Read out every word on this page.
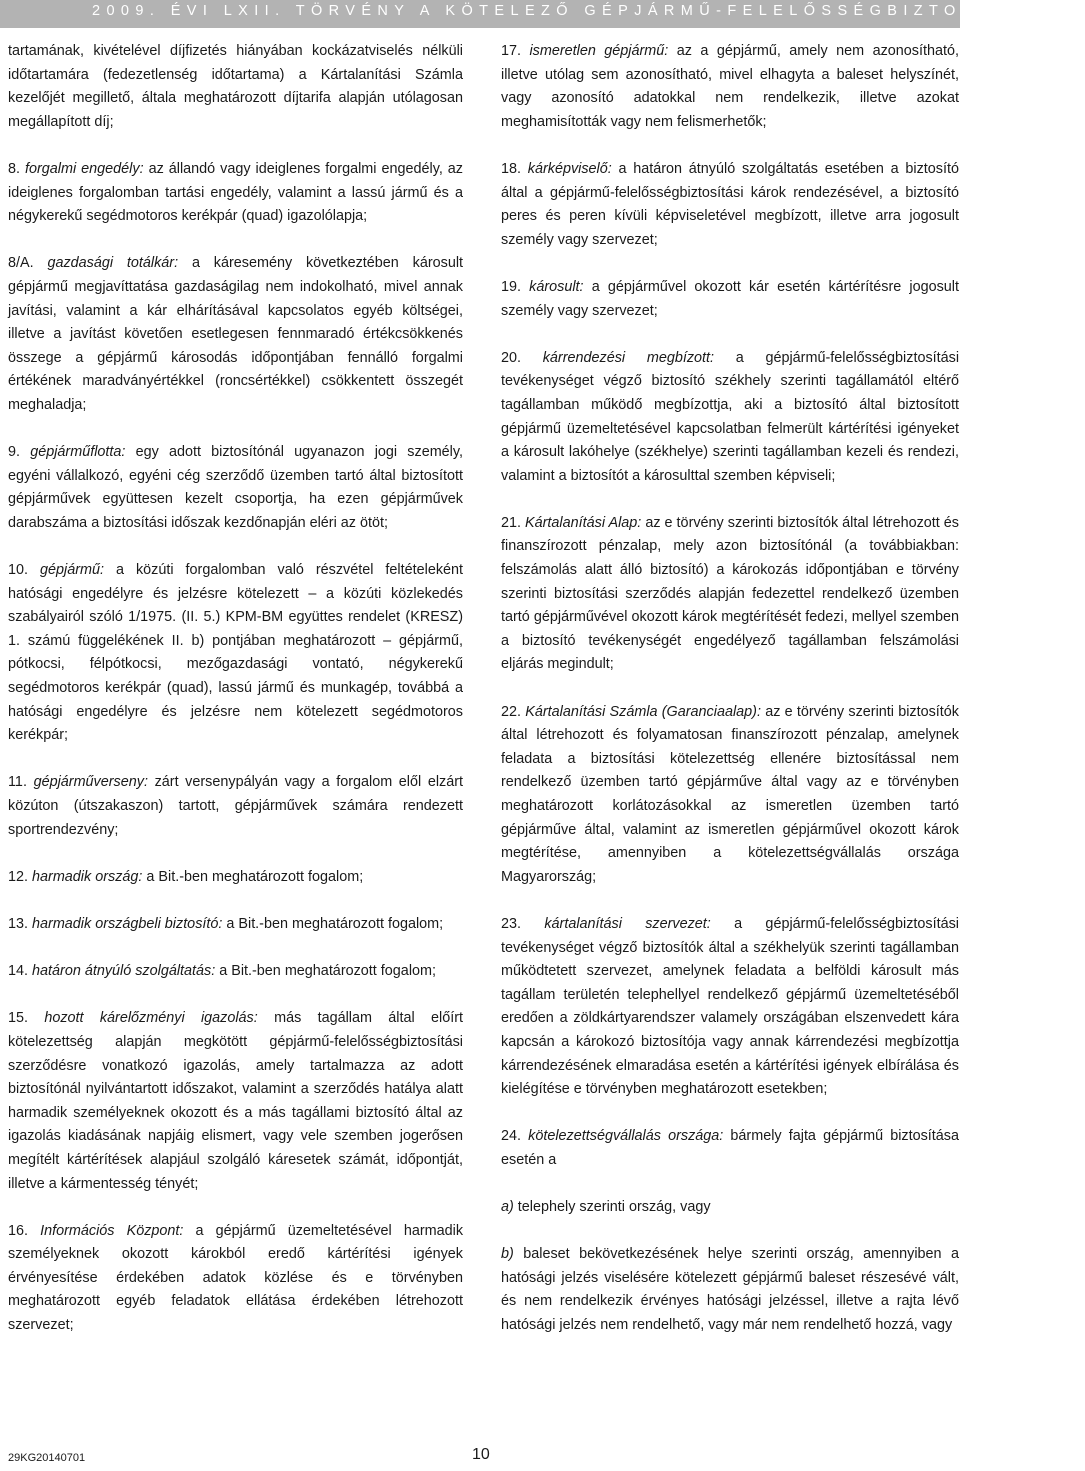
2009. ÉVI LXII. TÖRVÉNY A KÖTELEZŐ GÉPJÁRMŰ-FELELŐSSÉGBIZTOSÍTÁSRÓL

tartamának, kivételével díjfizetés hiányában kockázatviselés nélküli időtartamára (fedezetlenség időtartama) a Kártalanítási Számla kezelőjét megillető, általa meghatározott díjtarifa alapján utólagosan megállapított díj;

8. forgalmi engedély: az állandó vagy ideiglenes forgalmi engedély, az ideiglenes forgalomban tartási engedély, valamint a lassú jármű és a négykerekű segédmotoros kerékpár (quad) igazolólapja;

8/A. gazdasági totálkár: a káresemény következtében károsult gépjármű megjavíttatása gazdaságilag nem indokolható, mivel annak javítási, valamint a kár elhárításával kapcsolatos egyéb költségei, illetve a javítást követően esetlegesen fennmaradó értékcsökkenés összege a gépjármű károsodás időpontjában fennálló forgalmi értékének maradványértékkel (roncsértékkel) csökkentett összegét meghaladja;

9. gépjárműflotta: egy adott biztosítónál ugyanazon jogi személy, egyéni vállalkozó, egyéni cég szerződő üzemben tartó által biztosított gépjárművek együttesen kezelt csoportja, ha ezen gépjárművek darabszáma a biztosítási időszak kezdőnapján eléri az ötöt;

10. gépjármű: a közúti forgalomban való részvétel feltételeként hatósági engedélyre és jelzésre kötelezett – a közúti közlekedés szabályairól szóló 1/1975. (II. 5.) KPM-BM együttes rendelet (KRESZ) 1. számú függelékének II. b) pontjában meghatározott – gépjármű, pótkocsi, félpótkocsi, mezőgazdasági vontató, négykerekű segédmotoros kerékpár (quad), lassú jármű és munkagép, továbbá a hatósági engedélyre és jelzésre nem kötelezett segédmotoros kerékpár;

11. gépjárműverseny: zárt versenypályán vagy a forgalom elől elzárt közúton (útszakaszon) tartott, gépjárművek számára rendezett sportrendezvény;

12. harmadik ország: a Bit.-ben meghatározott fogalom;

13. harmadik országbeli biztosító: a Bit.-ben meghatározott fogalom;

14. határon átnyúló szolgáltatás: a Bit.-ben meghatározott fogalom;

15. hozott kárelőzményi igazolás: más tagállam által előírt kötelezettség alapján megkötött gépjármű-felelősségbiztosítási szerződésre vonatkozó igazolás, amely tartalmazza az adott biztosítónál nyilvántartott időszakot, valamint a szerződés hatálya alatt harmadik személyeknek okozott és a más tagállami biztosító által az igazolás kiadásának napjáig elismert, vagy vele szemben jogerősen megítélt kártérítések alapjául szolgáló káresetek számát, időpontját, illetve a kármentesség tényét;

16. Információs Központ: a gépjármű üzemeltetésével harmadik személyeknek okozott károkból eredő kártérítési igények érvényesítése érdekében adatok közlése és e törvényben meghatározott egyéb feladatok ellátása érdekében létrehozott szervezet;

17. ismeretlen gépjármű: az a gépjármű, amely nem azonosítható, illetve utólag sem azonosítható, mivel elhagyta a baleset helyszínét, vagy azonosító adatokkal nem rendelkezik, illetve azokat meghamisították vagy nem felismerhetők;

18. kárképviselő: a határon átnyúló szolgáltatás esetében a biztosító által a gépjármű-felelősségbiztosítási károk rendezésével, a biztosító peres és peren kívüli képviseletével megbízott, illetve arra jogosult személy vagy szervezet;

19. károsult: a gépjárművel okozott kár esetén kártérítésre jogosult személy vagy szervezet;

20. kárrendezési megbízott: a gépjármű-felelősségbiztosítási tevékenységet végző biztosító székhely szerinti tagállamától eltérő tagállamban működő megbízottja, aki a biztosító által biztosított gépjármű üzemeltetésével kapcsolatban felmerült kártérítési igényeket a károsult lakóhelye (székhelye) szerinti tagállamban kezeli és rendezi, valamint a biztosítót a károsulttal szemben képviseli;

21. Kártalanítási Alap: az e törvény szerinti biztosítók által létrehozott és finanszírozott pénzalap, mely azon biztosítónál (a továbbiakban: felszámolás alatt álló biztosító) a károkozás időpontjában e törvény szerinti biztosítási szerződés alapján fedezettel rendelkező üzemben tartó gépjárművével okozott károk megtérítését fedezi, mellyel szemben a biztosító tevékenységét engedélyező tagállamban felszámolási eljárás megindult;

22. Kártalanítási Számla (Garanciaalap): az e törvény szerinti biztosítók által létrehozott és folyamatosan finanszírozott pénzalap, amelynek feladata a biztosítási kötelezettség ellenére biztosítással nem rendelkező üzemben tartó gépjárműve által vagy az e törvényben meghatározott korlátozásokkal az ismeretlen üzemben tartó gépjárműve által, valamint az ismeretlen gépjárművel okozott károk megtérítése, amennyiben a kötelezettségvállalás országa Magyarország;

23. kártalanítási szervezet: a gépjármű-felelősségbiztosítási tevékenységet végző biztosítók által a székhelyük szerinti tagállamban működtetett szervezet, amelynek feladata a belföldi károsult más tagállam területén telephellyel rendelkező gépjármű üzemeltetéséből eredően a zöldkártyarendszer valamely országában elszenvedett kára kapcsán a károkozó biztosítója vagy annak kárrendezési megbízottja kárrendezésének elmaradása esetén a kártérítési igények elbírálása és kielégítése e törvényben meghatározott esetekben;

24. kötelezettségvállalás országa: bármely fajta gépjármű biztosítása esetén a

a) telephely szerinti ország, vagy

b) baleset bekövetkezésének helye szerinti ország, amennyiben a hatósági jelzés viselésére kötelezett gépjármű baleset részesévé vált, és nem rendelkezik érvényes hatósági jelzéssel, illetve a rajta lévő hatósági jelzés nem rendelhető, vagy már nem rendelhető hozzá, vagy

29KG20140701	10
